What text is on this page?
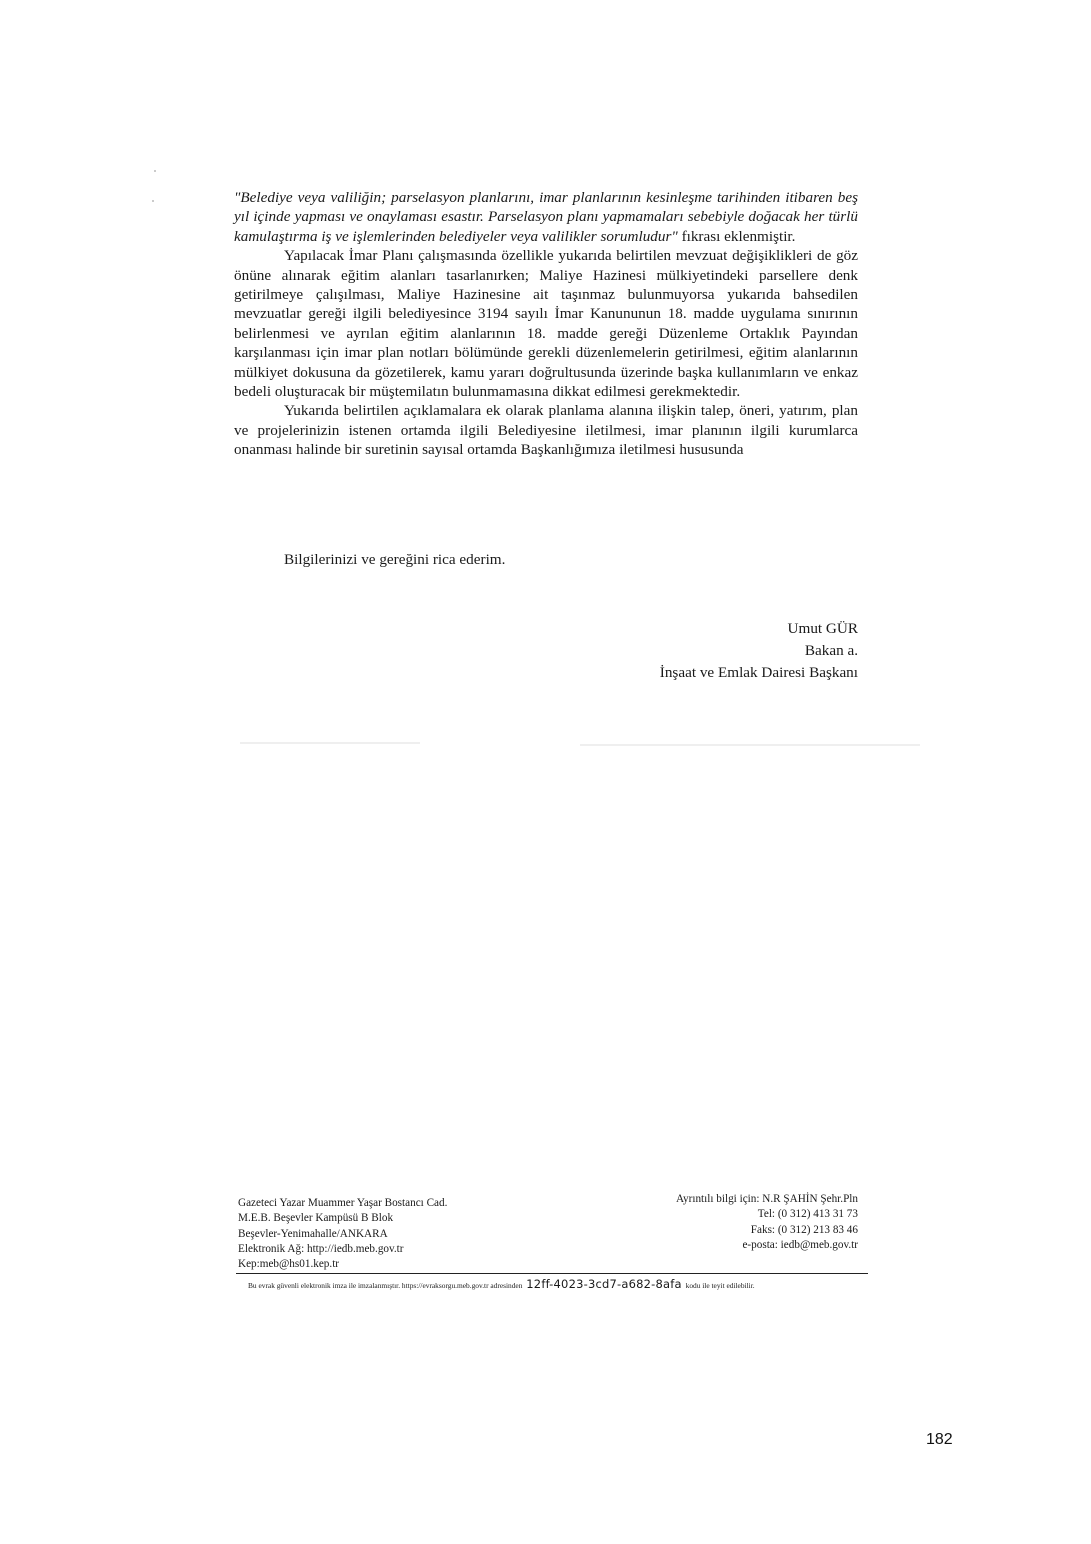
"Belediye veya valiliğin; parselasyon planlarını, imar planlarının kesinleşme tarihinden itibaren beş yıl içinde yapması ve onaylaması esastır. Parselasyon planı yapmamaları sebebiyle doğacak her türlü kamulaştırma iş ve işlemlerinden belediyeler veya valilikler sorumludur" fıkrası eklenmiştir.

Yapılacak İmar Planı çalışmasında özellikle yukarıda belirtilen mevzuat değişiklikleri de göz önüne alınarak eğitim alanları tasarlanırken; Maliye Hazinesi mülkiyetindeki parsellere denk getirilmeye çalışılması, Maliye Hazinesine ait taşınmaz bulunmuyorsa yukarıda bahsedilen mevzuatlar gereği ilgili belediyesince 3194 sayılı İmar Kanununun 18. madde uygulama sınırının belirlenmesi ve ayrılan eğitim alanlarının 18. madde gereği Düzenleme Ortaklık Payından karşılanması için imar plan notları bölümünde gerekli düzenlemelerin getirilmesi, eğitim alanlarının mülkiyet dokusuna da gözetilerek, kamu yararı doğrultusunda üzerinde başka kullanımların ve enkaz bedeli oluşturacak bir müştemilatın bulunmamasına dikkat edilmesi gerekmektedir.

Yukarıda belirtilen açıklamalara ek olarak planlama alanına ilişkin talep, öneri, yatırım, plan ve projelerinizin istenen ortamda ilgili Belediyesine iletilmesi, imar planının ilgili kurumlarca onanması halinde bir suretinin sayısal ortamda Başkanlığımıza iletilmesi hususunda

Bilgilerinizi ve gereğini rica ederim.
Umut GÜR
Bakan a.
İnşaat ve Emlak Dairesi Başkanı
Gazeteci Yazar Muammer Yaşar Bostancı Cad.
M.E.B. Beşevler Kampüsü B Blok
Beşevler-Yenimahalle/ANKARA
Elektronik Ağ: http://iedb.meb.gov.tr
Kep:meb@hs01.kep.tr
Ayrıntılı bilgi için: N.R ŞAHİN Şehr.Pln
Tel: (0 312) 413 31 73
Faks: (0 312) 213 83 46
e-posta: iedb@meb.gov.tr
Bu evrak güvenli elektronik imza ile imzalanmıştır. https://evraksorgu.meb.gov.tr adresinden 12ff-4023-3cd7-a682-8afa kodu ile teyit edilebilir.
182
